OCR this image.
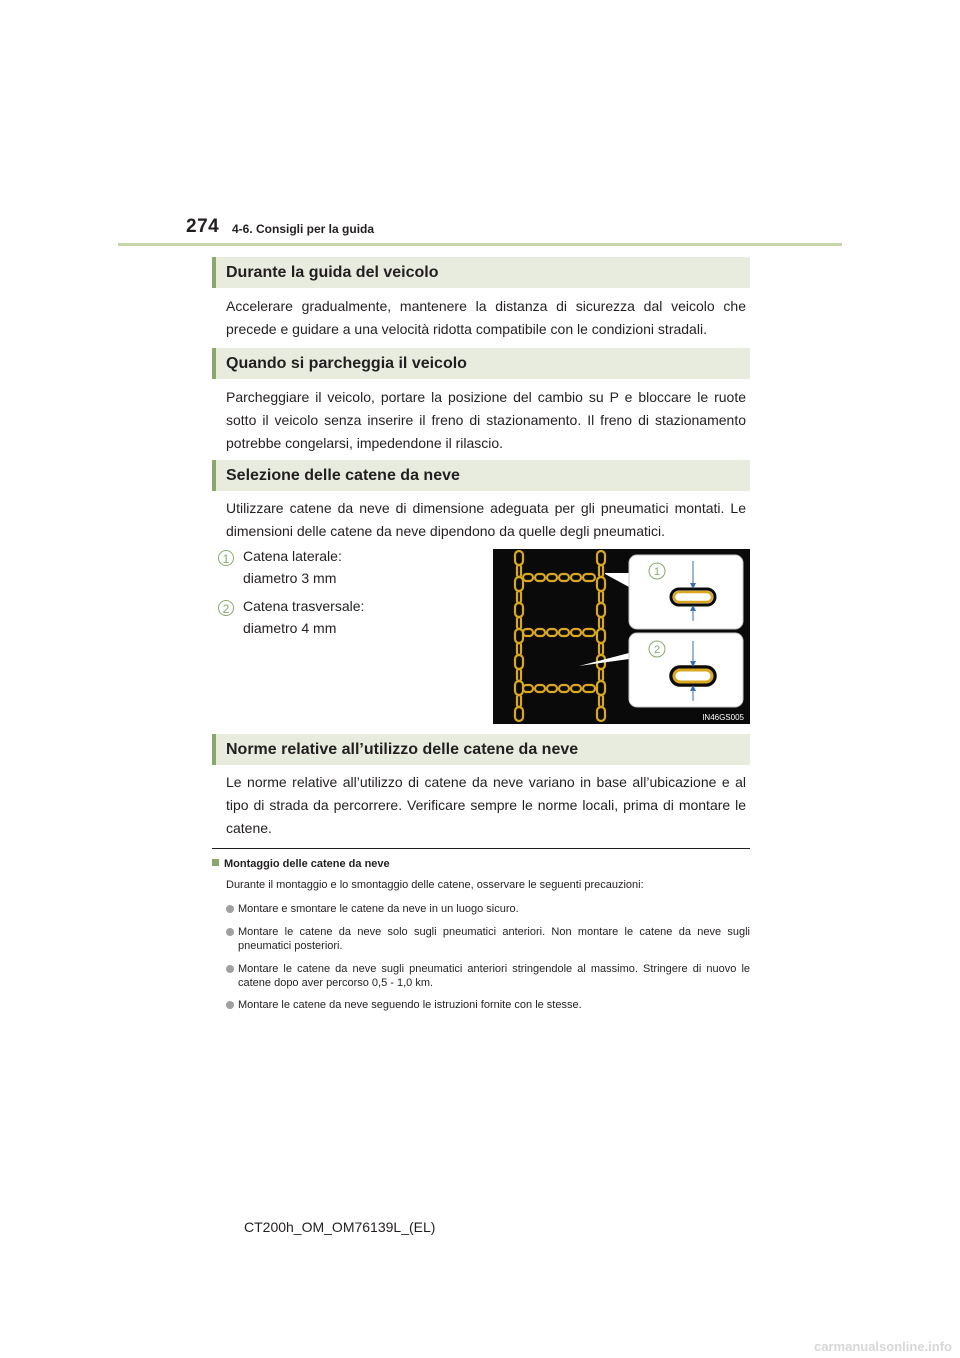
274 4-6. Consigli per la guida
Durante la guida del veicolo

Accelerare gradualmente, mantenere la distanza di sicurezza dal veicolo che precede e guidare a una velocità ridotta compatibile con le condizioni stradali.

Quando si parcheggia il veicolo

Parcheggiare il veicolo, portare la posizione del cambio su P e bloccare le ruote sotto il veicolo senza inserire il freno di stazionamento. Il freno di stazionamento potrebbe congelarsi, impedendone il rilascio.

Selezione delle catene da neve

Utilizzare catene da neve di dimensione adeguata per gli pneumatici montati. Le dimensioni delle catene da neve dipendono da quelle degli pneumatici.

1 Catena laterale:
diametro 3 mm
2 Catena trasversale:
diametro 4 mm
1
2
IN46GS005
Norme relative all’utilizzo delle catene da neve

Le norme relative all’utilizzo di catene da neve variano in base all’ubicazione e al tipo di strada da percorrere. Verificare sempre le norme locali, prima di montare le catene.

Montaggio delle catene da neve
Durante il montaggio e lo smontaggio delle catene, osservare le seguenti precauzioni:
Montare e smontare le catene da neve in un luogo sicuro.
Montare le catene da neve solo sugli pneumatici anteriori. Non montare le catene da neve sugli pneumatici posteriori.
Montare le catene da neve sugli pneumatici anteriori stringendole al massimo. Stringere di nuovo le catene dopo aver percorso 0,5 - 1,0 km.
Montare le catene da neve seguendo le istruzioni fornite con le stesse.
CT200h_OM_OM76139L_(EL)
carmanualsonline.info
